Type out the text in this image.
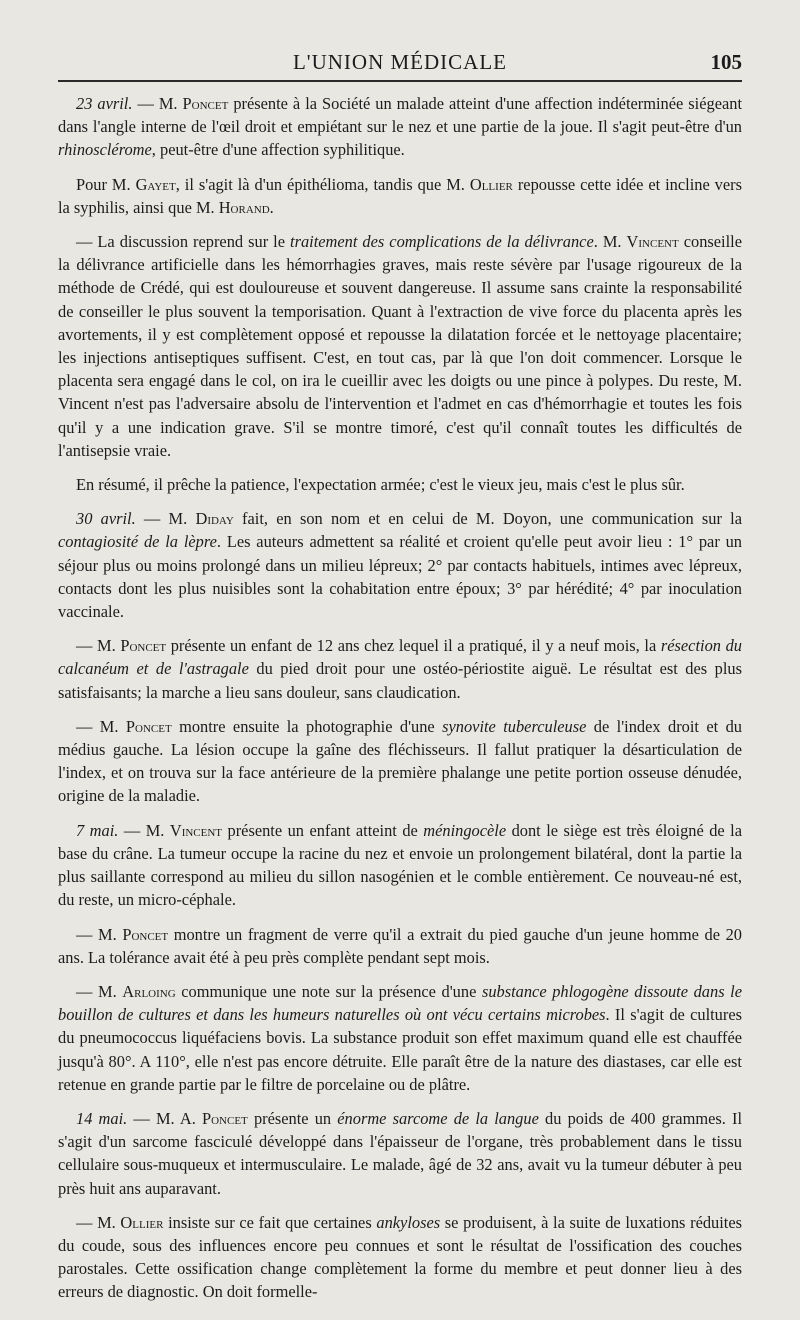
L'UNION MÉDICALE	105

23 avril. — M. Poncet présente à la Société un malade atteint d'une affection indéterminée siégeant dans l'angle interne de l'œil droit et empiétant sur le nez et une partie de la joue. Il s'agit peut-être d'un rhinosclérome, peut-être d'une affection syphilitique.

Pour M. Gayet, il s'agit là d'un épithélioma, tandis que M. Ollier repousse cette idée et incline vers la syphilis, ainsi que M. Horand.

— La discussion reprend sur le traitement des complications de la délivrance. M. Vincent conseille la délivrance artificielle dans les hémorrhagies graves, mais reste sévère par l'usage rigoureux de la méthode de Crédé, qui est douloureuse et souvent dangereuse. Il assume sans crainte la responsabilité de conseiller le plus souvent la temporisation. Quant à l'extraction de vive force du placenta après les avortements, il y est complètement opposé et repousse la dilatation forcée et le nettoyage placentaire; les injections antiseptiques suffisent. C'est, en tout cas, par là que l'on doit commencer. Lorsque le placenta sera engagé dans le col, on ira le cueillir avec les doigts ou une pince à polypes. Du reste, M. Vincent n'est pas l'adversaire absolu de l'intervention et l'admet en cas d'hémorrhagie et toutes les fois qu'il y a une indication grave. S'il se montre timoré, c'est qu'il connaît toutes les difficultés de l'antisepsie vraie.

En résumé, il prêche la patience, l'expectation armée; c'est le vieux jeu, mais c'est le plus sûr.

30 avril. — M. Diday fait, en son nom et en celui de M. Doyon, une communication sur la contagiosité de la lèpre. Les auteurs admettent sa réalité et croient qu'elle peut avoir lieu : 1° par un séjour plus ou moins prolongé dans un milieu lépreux; 2° par contacts habituels, intimes avec lépreux, contacts dont les plus nuisibles sont la cohabitation entre époux; 3° par hérédité; 4° par inoculation vaccinale.

— M. Poncet présente un enfant de 12 ans chez lequel il a pratiqué, il y a neuf mois, la résection du calcanéum et de l'astragale du pied droit pour une ostéo-périostite aiguë. Le résultat est des plus satisfaisants; la marche a lieu sans douleur, sans claudication.

— M. Poncet montre ensuite la photographie d'une synovite tuberculeuse de l'index droit et du médius gauche. La lésion occupe la gaîne des fléchisseurs. Il fallut pratiquer la désarticulation de l'index, et on trouva sur la face antérieure de la première phalange une petite portion osseuse dénudée, origine de la maladie.

7 mai. — M. Vincent présente un enfant atteint de méningocèle dont le siège est très éloigné de la base du crâne. La tumeur occupe la racine du nez et envoie un prolongement bilatéral, dont la partie la plus saillante correspond au milieu du sillon nasogénien et le comble entièrement. Ce nouveau-né est, du reste, un micro-céphale.

— M. Poncet montre un fragment de verre qu'il a extrait du pied gauche d'un jeune homme de 20 ans. La tolérance avait été à peu près complète pendant sept mois.

— M. Arloing communique une note sur la présence d'une substance phlogogène dissoute dans le bouillon de cultures et dans les humeurs naturelles où ont vécu certains microbes. Il s'agit de cultures du pneumococcus liquéfaciens bovis. La substance produit son effet maximum quand elle est chauffée jusqu'à 80°. A 110°, elle n'est pas encore détruite. Elle paraît être de la nature des diastases, car elle est retenue en grande partie par le filtre de porcelaine ou de plâtre.

14 mai. — M. A. Poncet présente un énorme sarcome de la langue du poids de 400 grammes. Il s'agit d'un sarcome fasciculé développé dans l'épaisseur de l'organe, très probablement dans le tissu cellulaire sous-muqueux et intermusculaire. Le malade, âgé de 32 ans, avait vu la tumeur débuter à peu près huit ans auparavant.

— M. Ollier insiste sur ce fait que certaines ankyloses se produisent, à la suite de luxations réduites du coude, sous des influences encore peu connues et sont le résultat de l'ossification des couches parostales. Cette ossification change complètement la forme du membre et peut donner lieu à des erreurs de diagnostic. On doit formelle-
